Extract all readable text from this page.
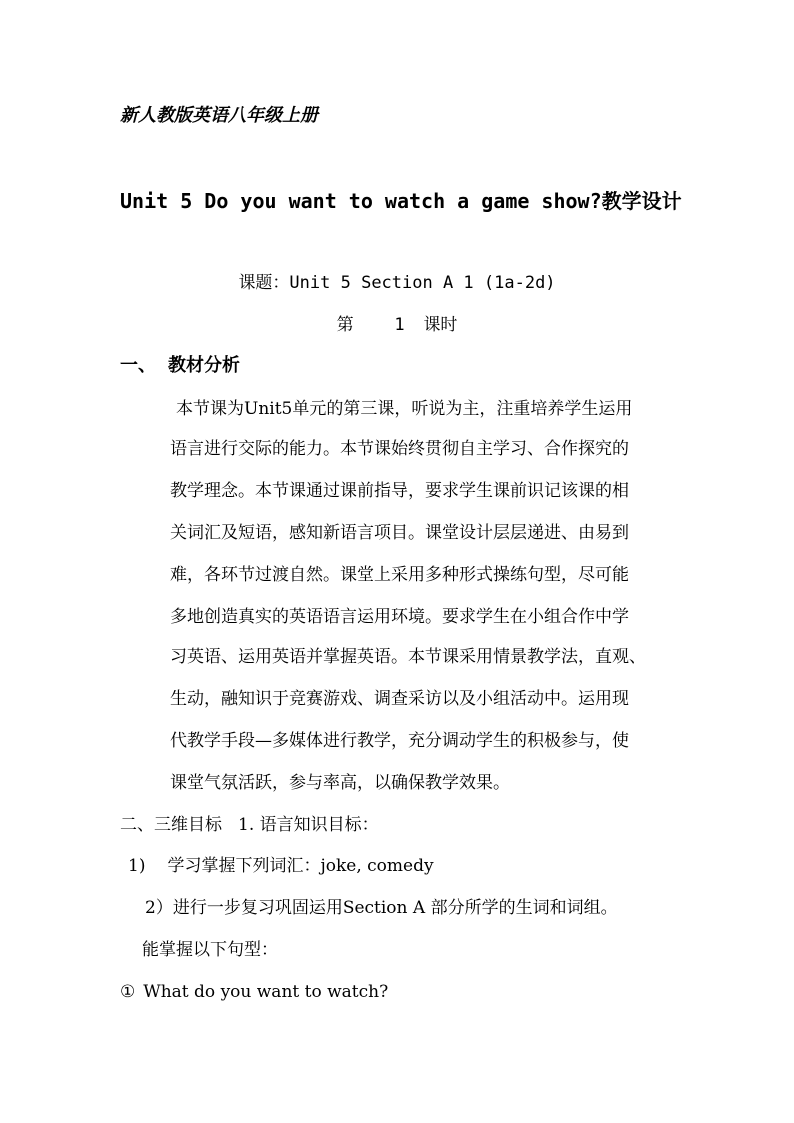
新人教版英语八年级上册
Unit 5 Do you want to watch a game show?教学设计
课题：Unit 5 Section A 1 (1a-2d)
第 1 课时
一、 教材分析
本节课为Unit5单元的第三课，听说为主，注重培养学生运用
语言进行交际的能力。本节课始终贯彻自主学习、合作探究的
教学理念。本节课通过课前指导，要求学生课前识记该课的相
关词汇及短语，感知新语言项目。课堂设计层层递进、由易到
难，各环节过渡自然。课堂上采用多种形式操练句型，尽可能
多地创造真实的英语语言运用环境。要求学生在小组合作中学
习英语、运用英语并掌握英语。本节课采用情景教学法，直观、
生动，融知识于竞赛游戏、调查采访以及小组活动中。运用现
代教学手段—多媒体进行教学，充分调动学生的积极参与，使
课堂气氛活跃，参与率高，以确保教学效果。
二、三维目标 1. 语言知识目标：
1) 学习掌握下列词汇：joke, comedy
2）进行一步复习巩固运用Section A 部分所学的生词和词组。
能掌握以下句型：
① What do you want to watch?
